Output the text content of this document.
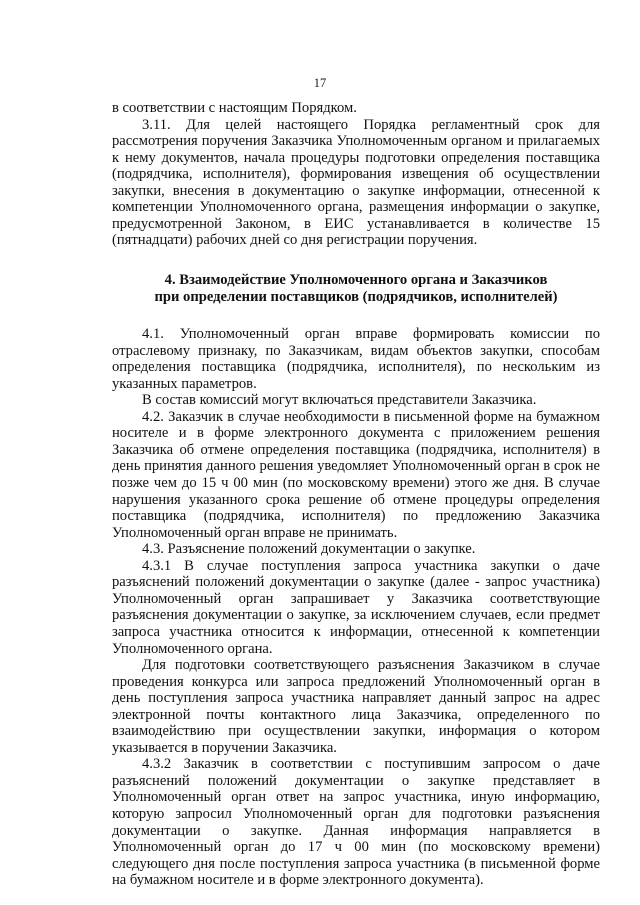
17

в соответствии с настоящим Порядком.

3.11. Для целей настоящего Порядка регламентный срок для рассмотрения поручения Заказчика Уполномоченным органом и прилагаемых к нему документов, начала процедуры подготовки определения поставщика (подрядчика, исполнителя), формирования извещения об осуществлении закупки, внесения в документацию о закупке информации, отнесенной к компетенции Уполномоченного органа, размещения информации о закупке, предусмотренной Законом, в ЕИС устанавливается в количестве 15 (пятнадцати) рабочих дней со дня регистрации поручения.

4. Взаимодействие Уполномоченного органа и Заказчиков
при определении поставщиков (подрядчиков, исполнителей)

4.1. Уполномоченный орган вправе формировать комиссии по отраслевому признаку, по Заказчикам, видам объектов закупки, способам определения поставщика (подрядчика, исполнителя), по нескольким из указанных параметров.

В состав комиссий могут включаться представители Заказчика.

4.2. Заказчик в случае необходимости в письменной форме на бумажном носителе и в форме электронного документа с приложением решения Заказчика об отмене определения поставщика (подрядчика, исполнителя) в день принятия данного решения уведомляет Уполномоченный орган в срок не позже чем до 15 ч 00 мин (по московскому времени) этого же дня. В случае нарушения указанного срока решение об отмене процедуры определения поставщика (подрядчика, исполнителя) по предложению Заказчика Уполномоченный орган вправе не принимать.

4.3. Разъяснение положений документации о закупке.

4.3.1 В случае поступления запроса участника закупки о даче разъяснений положений документации о закупке (далее - запрос участника) Уполномоченный орган запрашивает у Заказчика соответствующие разъяснения документации о закупке, за исключением случаев, если предмет запроса участника относится к информации, отнесенной к компетенции Уполномоченного органа.

Для подготовки соответствующего разъяснения Заказчиком в случае проведения конкурса или запроса предложений Уполномоченный орган в день поступления запроса участника направляет данный запрос на адрес электронной почты контактного лица Заказчика, определенного по взаимодействию при осуществлении закупки, информация о котором указывается в поручении Заказчика.

4.3.2 Заказчик в соответствии с поступившим запросом о даче разъяснений положений документации о закупке представляет в Уполномоченный орган ответ на запрос участника, иную информацию, которую запросил Уполномоченный орган для подготовки разъяснения документации о закупке. Данная информация направляется в Уполномоченный орган до 17 ч 00 мин (по московскому времени) следующего дня после поступления запроса участника (в письменной форме на бумажном носителе и в форме электронного документа).
